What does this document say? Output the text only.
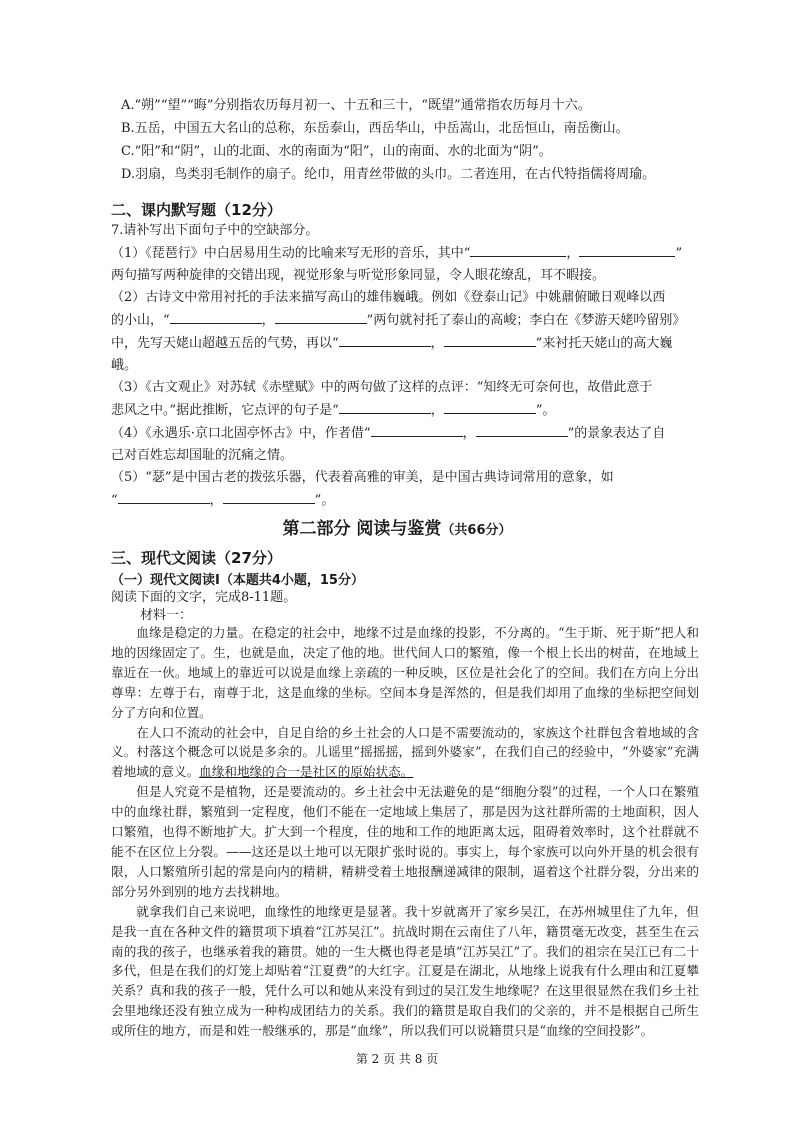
A.“朔”“望”“晦”分别指农历每月初一、十五和三十，“既望”通常指农历每月十六。
B.五岳，中国五大名山的总称，东岳泰山，西岳华山，中岳嵩山，北岳恒山，南岳衡山。
C.“阳”和“阴”，山的北面、水的南面为“阳”，山的南面、水的北面为“阴”。
D.羽扇，鸟类羽毛制作的扇子。纶巾，用青丝带做的头巾。二者连用，在古代特指儒将周瑜。
二、课内默写题（12分）

7.请补写出下面句子中的空缺部分。

（1）《琵琶行》中白居易用生动的比喻来写无形的音乐，其中“	，	”

两句描写两种旋律的交错出现，视觉形象与听觉形象同显，令人眼花缭乱，耳不暇接。

（2）古诗文中常用衬托的手法来描写高山的雄伟巍峨。例如《登泰山记》中姚鼐俯瞰日观峰以西

的小山，“	，	”两句就衬托了泰山的高峻；李白在《梦游天姥吟留别》

中，先写天姥山超越五岳的气势，再以“	，	”来衬托天姥山的高大巍

峨。

（3）《古文观止》对苏轼《赤壁赋》中的两句做了这样的点评：“知终无可奈何也，故借此意于

悲风之中。”据此推断，它点评的句子是“	，	”。

（4）《永遇乐·京口北固亭怀古》中，作者借“	，	”的景象表达了自

己对百姓忘却国耻的沉痛之情。

（5）“瑟”是中国古老的拨弦乐器，代表着高雅的审美，是中国古典诗词常用的意象，如

“	，	”。

第二部分 阅读与鉴赏（共66分）
三、现代文阅读（27分）
（一）现代文阅读Ⅰ（本题共4小题，15分）
阅读下面的文字，完成8-11题。
材料一：

血缘是稳定的力量。在稳定的社会中，地缘不过是血缘的投影，不分离的。“生于斯、死于斯”把人和地的因缘固定了。生，也就是血，决定了他的地。世代间人口的繁殖，像一个根上长出的树苗，在地域上靠近在一伙。地域上的靠近可以说是血缘上亲疏的一种反映，区位是社会化了的空间。我们在方向上分出尊卑：左尊于右，南尊于北，这是血缘的坐标。空间本身是浑然的，但是我们却用了血缘的坐标把空间划分了方向和位置。

在人口不流动的社会中，自足自给的乡土社会的人口是不需要流动的，家族这个社群包含着地域的含义。村落这个概念可以说是多余的。儿谣里“摇摇摇，摇到外婆家”，在我们自己的经验中，“外婆家”充满着地域的意义。血缘和地缘的合一是社区的原始状态。

但是人究竟不是植物，还是要流动的。乡土社会中无法避免的是“细胞分裂”的过程，一个人口在繁殖中的血缘社群，繁殖到一定程度，他们不能在一定地域上集居了，那是因为这社群所需的土地面积，因人口繁殖，也得不断地扩大。扩大到一个程度，住的地和工作的地距离太远，阻碍着效率时，这个社群就不能不在区位上分裂。——这还是以土地可以无限扩张时说的。事实上，每个家族可以向外开垦的机会很有限，人口繁殖所引起的常是向内的精耕，精耕受着土地报酬递减律的限制，逼着这个社群分裂，分出来的部分另外到别的地方去找耕地。

就拿我们自己来说吧，血缘性的地缘更是显著。我十岁就离开了家乡吴江，在苏州城里住了九年，但是我一直在各种文件的籍贯项下填着“江苏吴江”。抗战时期在云南住了八年，籍贯毫无改变，甚至生在云南的我的孩子，也继承着我的籍贯。她的一生大概也得老是填“江苏吴江”了。我们的祖宗在吴江已有二十多代，但是在我们的灯笼上却贴着“江夏费”的大红字。江夏是在湖北，从地缘上说我有什么理由和江夏攀关系？真和我的孩子一般，凭什么可以和她从来没有到过的吴江发生地缘呢？在这里很显然在我们乡土社会里地缘还没有独立成为一种构成团结力的关系。我们的籍贯是取自我们的父亲的，并不是根据自己所生或所住的地方，而是和姓一般继承的，那是“血缘”，所以我们可以说籍贯只是“血缘的空间投影”。

第 2 页 共 8 页
